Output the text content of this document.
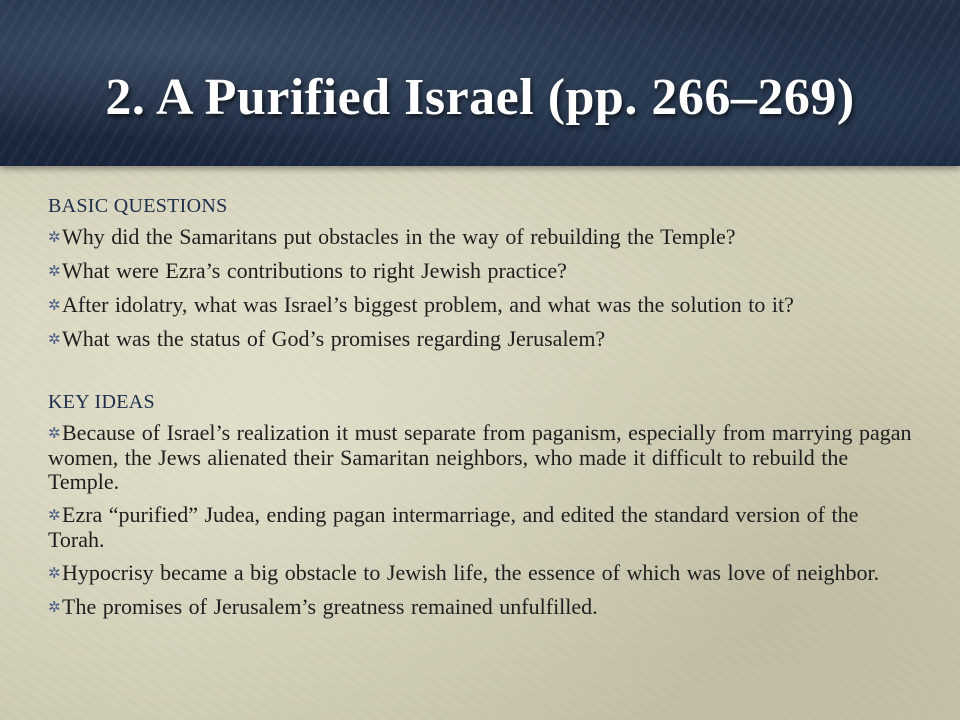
2. A Purified Israel (pp. 266–269)
BASIC QUESTIONS
✲Why did the Samaritans put obstacles in the way of rebuilding the Temple?
✲What were Ezra’s contributions to right Jewish practice?
✲After idolatry, what was Israel’s biggest problem, and what was the solution to it?
✲What was the status of God’s promises regarding Jerusalem?
KEY IDEAS
✲Because of Israel’s realization it must separate from paganism, especially from marrying pagan women, the Jews alienated their Samaritan neighbors, who made it difficult to rebuild the Temple.
✲Ezra “purified” Judea, ending pagan intermarriage, and edited the standard version of the Torah.
✲Hypocrisy became a big obstacle to Jewish life, the essence of which was love of neighbor.
✲The promises of Jerusalem’s greatness remained unfulfilled.
